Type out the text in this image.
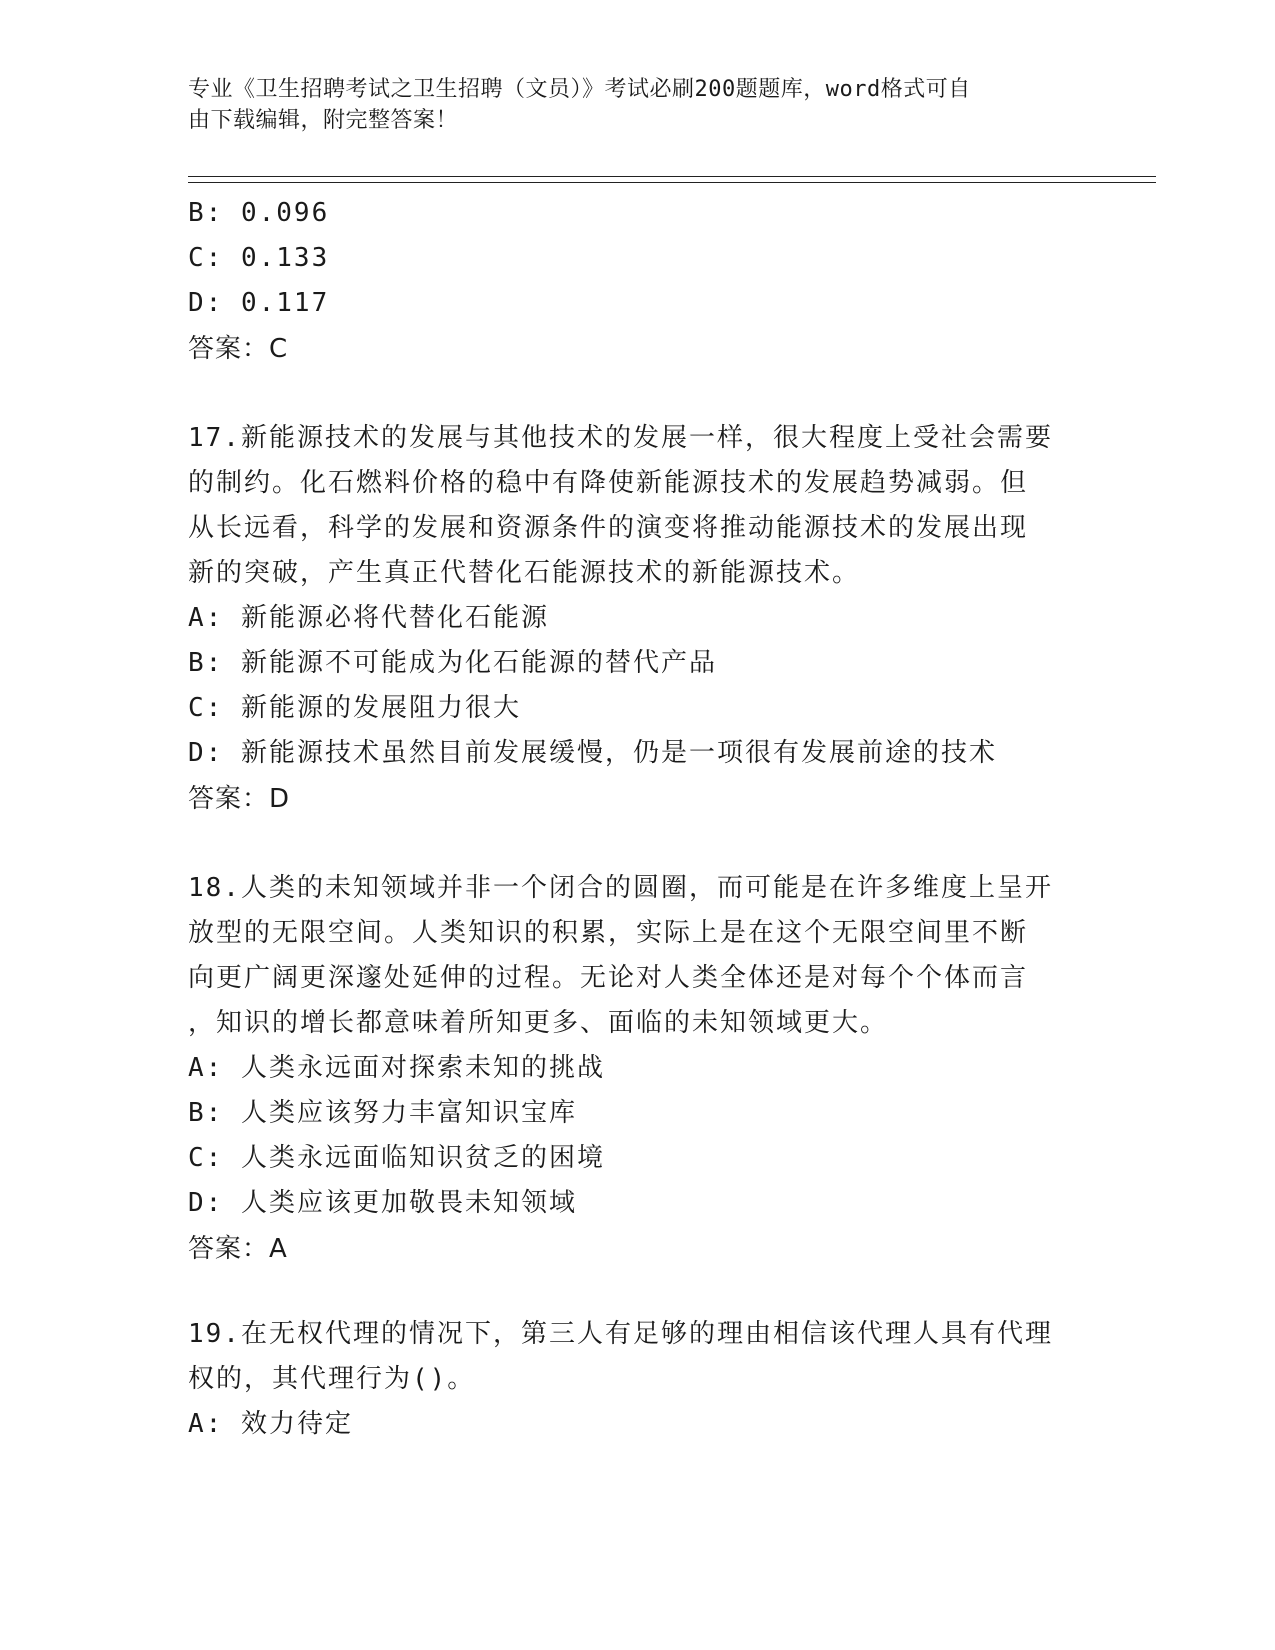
专业《卫生招聘考试之卫生招聘（文员）》考试必刷200题题库，word格式可自
由下载编辑，附完整答案！
B: 0.096
C: 0.133
D: 0.117
答案：C
17.新能源技术的发展与其他技术的发展一样，很大程度上受社会需要
的制约。化石燃料价格的稳中有降使新能源技术的发展趋势减弱。但
从长远看，科学的发展和资源条件的演变将推动能源技术的发展出现
新的突破，产生真正代替化石能源技术的新能源技术。
A: 新能源必将代替化石能源
B: 新能源不可能成为化石能源的替代产品
C: 新能源的发展阻力很大
D: 新能源技术虽然目前发展缓慢，仍是一项很有发展前途的技术
答案：D
18.人类的未知领域并非一个闭合的圆圈，而可能是在许多维度上呈开
放型的无限空间。人类知识的积累，实际上是在这个无限空间里不断
向更广阔更深邃处延伸的过程。无论对人类全体还是对每个个体而言
，知识的增长都意味着所知更多、面临的未知领域更大。
A: 人类永远面对探索未知的挑战
B: 人类应该努力丰富知识宝库
C: 人类永远面临知识贫乏的困境
D: 人类应该更加敬畏未知领域
答案：A
19.在无权代理的情况下，第三人有足够的理由相信该代理人具有代理
权的，其代理行为()。
A: 效力待定
